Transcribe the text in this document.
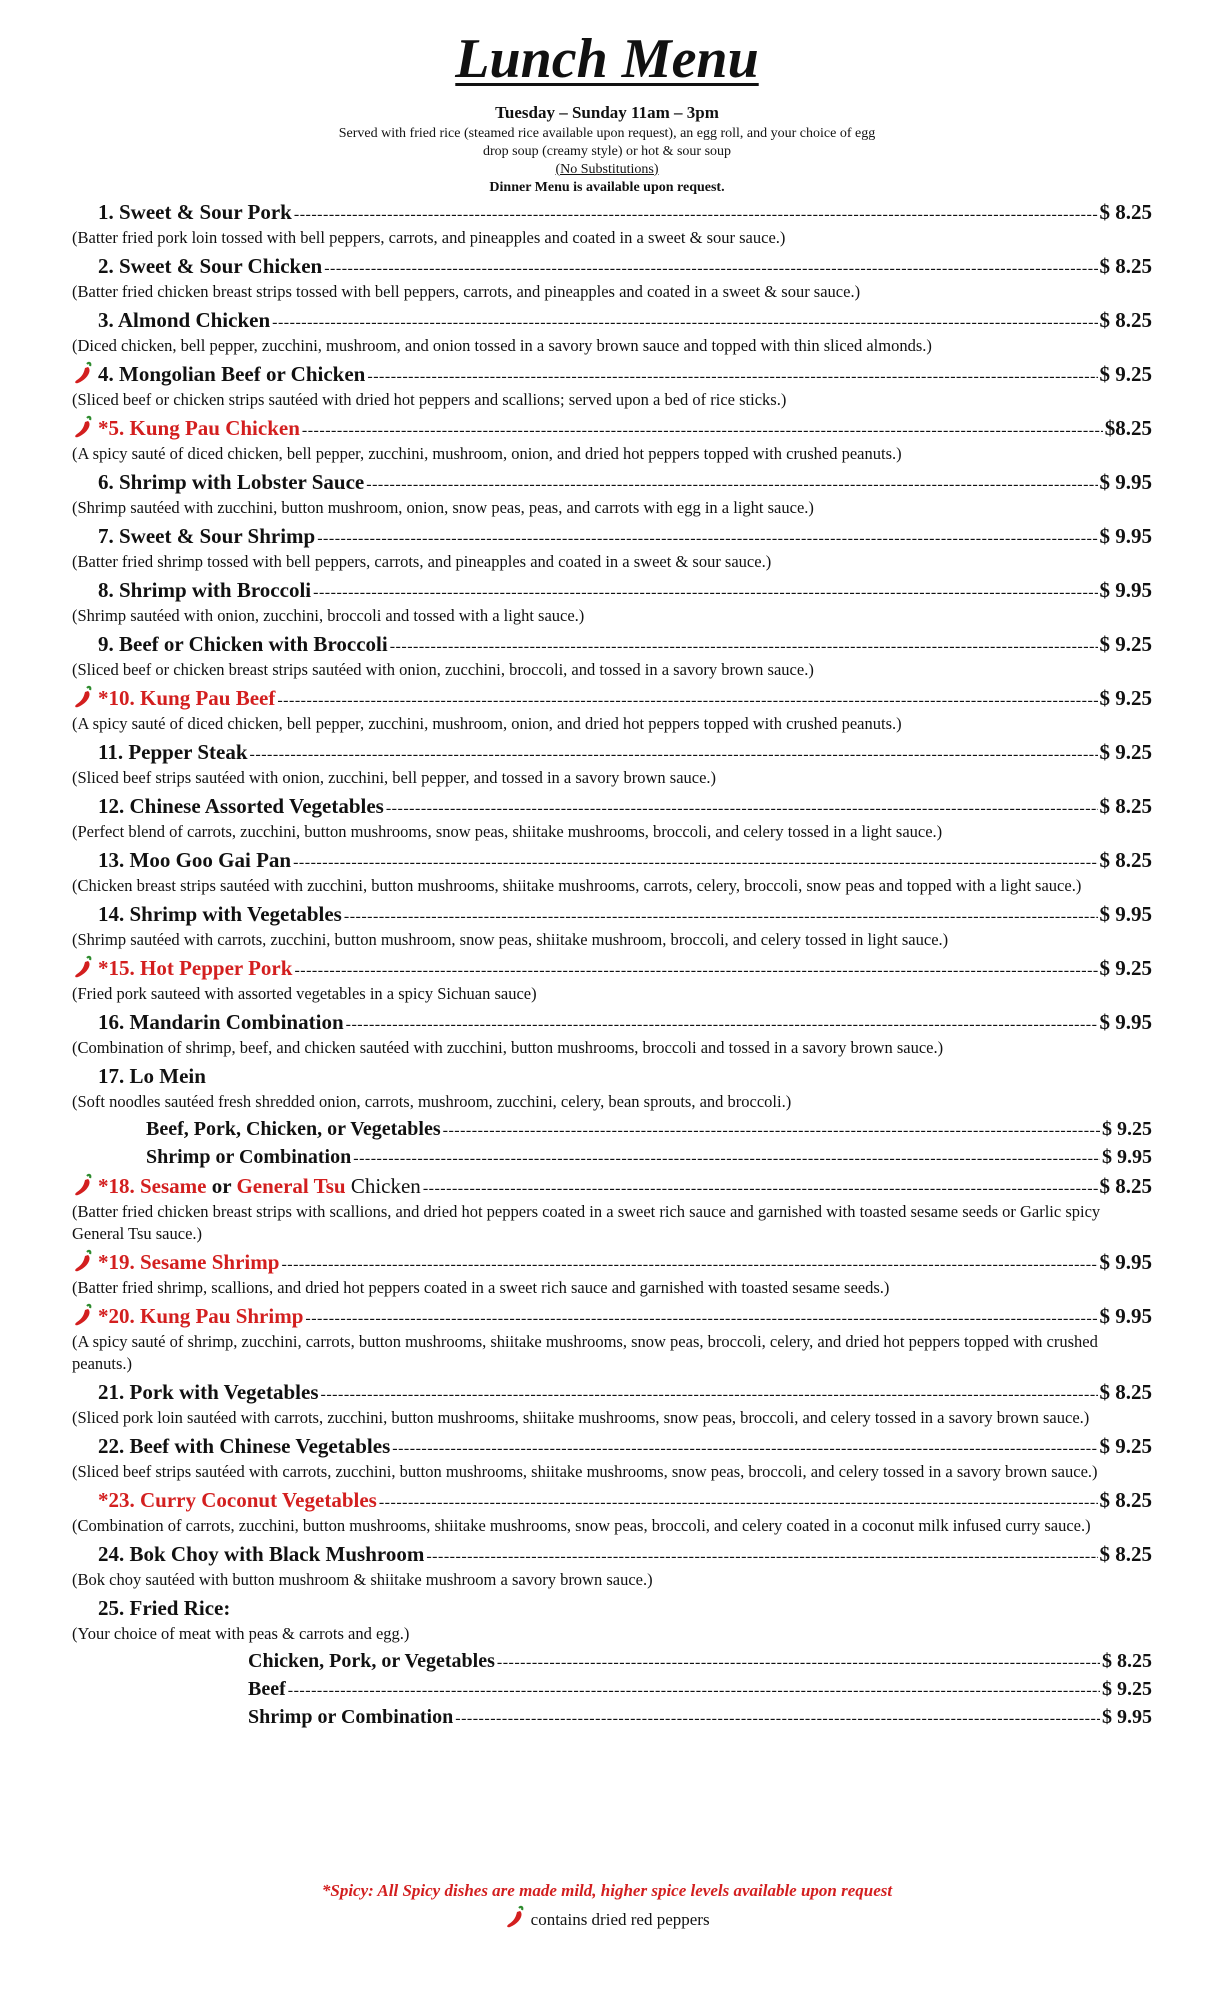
Lunch Menu
Tuesday – Sunday 11am – 3pm
Served with fried rice (steamed rice available upon request), an egg roll, and your choice of egg drop soup (creamy style) or hot & sour soup
(No Substitutions)
Dinner Menu is available upon request.
1. Sweet & Sour Pork -----	$ 8.25
(Batter fried pork loin tossed with bell peppers, carrots, and pineapples and coated in a sweet & sour sauce.)
2. Sweet & Sour Chicken -----	$ 8.25
(Batter fried chicken breast strips tossed with bell peppers, carrots, and pineapples and coated in a sweet & sour sauce.)
3. Almond Chicken -----	$ 8.25
(Diced chicken, bell pepper, zucchini, mushroom, and onion tossed in a savory brown sauce and topped with thin sliced almonds.)
4. Mongolian Beef or Chicken -----	$ 9.25
(Sliced beef or chicken strips sautéed with dried hot peppers and scallions; served upon a bed of rice sticks.)
*5. Kung Pau Chicken -----	$8.25
(A spicy sauté of diced chicken, bell pepper, zucchini, mushroom, onion, and dried hot peppers topped with crushed peanuts.)
6. Shrimp with Lobster Sauce -----	$ 9.95
(Shrimp sautéed with zucchini, button mushroom, onion, snow peas, peas, and carrots with egg in a light sauce.)
7. Sweet & Sour Shrimp -----	$ 9.95
(Batter fried shrimp tossed with bell peppers, carrots, and pineapples and coated in a sweet & sour sauce.)
8. Shrimp with Broccoli -----	$ 9.95
(Shrimp sautéed with onion, zucchini, broccoli and tossed with a light sauce.)
9. Beef or Chicken with Broccoli -----	$ 9.25
(Sliced beef or chicken breast strips sautéed with onion, zucchini, broccoli, and tossed in a savory brown sauce.)
*10. Kung Pau Beef -----	$ 9.25
(A spicy sauté of diced chicken, bell pepper, zucchini, mushroom, onion, and dried hot peppers topped with crushed peanuts.)
11. Pepper Steak -----	$ 9.25
(Sliced beef strips sautéed with onion, zucchini, bell pepper, and tossed in a savory brown sauce.)
12. Chinese Assorted Vegetables -----	$ 8.25
(Perfect blend of carrots, zucchini, button mushrooms, snow peas, shiitake mushrooms, broccoli, and celery tossed in a light sauce.)
13. Moo Goo Gai Pan -----	$ 8.25
(Chicken breast strips sautéed with zucchini, button mushrooms, shiitake mushrooms, carrots, celery, broccoli, snow peas and topped with a light sauce.)
14. Shrimp with Vegetables -----	$ 9.95
(Shrimp sautéed with carrots, zucchini, button mushroom, snow peas, shiitake mushroom, broccoli, and celery tossed in light sauce.)
*15. Hot Pepper Pork -----	$ 9.25
(Fried pork sauteed with assorted vegetables in a spicy Sichuan sauce)
16. Mandarin Combination -----	$ 9.95
(Combination of shrimp, beef, and chicken sautéed with zucchini, button mushrooms, broccoli and tossed in a savory brown sauce.)
17. Lo Mein
(Soft noodles sautéed fresh shredded onion, carrots, mushroom, zucchini, celery, bean sprouts, and broccoli.)
Beef, Pork, Chicken, or Vegetables -----	$ 9.25
Shrimp or Combination -----	$ 9.95
*18. Sesame or General Tsu Chicken -----	$ 8.25
(Batter fried chicken breast strips with scallions, and dried hot peppers coated in a sweet rich sauce and garnished with toasted sesame seeds or Garlic spicy General Tsu sauce.)
*19. Sesame Shrimp -----	$ 9.95
(Batter fried shrimp, scallions, and dried hot peppers coated in a sweet rich sauce and garnished with toasted sesame seeds.)
*20. Kung Pau Shrimp -----	$ 9.95
(A spicy sauté of shrimp, zucchini, carrots, button mushrooms, shiitake mushrooms, snow peas, broccoli, celery, and dried hot peppers topped with crushed peanuts.)
21. Pork with Vegetables -----	$ 8.25
(Sliced pork loin sautéed with carrots, zucchini, button mushrooms, shiitake mushrooms, snow peas, broccoli, and celery tossed in a savory brown sauce.)
22. Beef with Chinese Vegetables -----	$ 9.25
(Sliced beef strips sautéed with carrots, zucchini, button mushrooms, shiitake mushrooms, snow peas, broccoli, and celery tossed in a savory brown sauce.)
*23. Curry Coconut Vegetables -----	$ 8.25
(Combination of carrots, zucchini, button mushrooms, shiitake mushrooms, snow peas, broccoli, and celery coated in a coconut milk infused curry sauce.)
24. Bok Choy with Black Mushroom -----	$ 8.25
(Bok choy sautéed with button mushroom & shiitake mushroom a savory brown sauce.)
25. Fried Rice:
(Your choice of meat with peas & carrots and egg.)
Chicken, Pork, or Vegetables -----	$ 8.25
Beef -----	$ 9.25
Shrimp or Combination -----	$ 9.95
*Spicy: All Spicy dishes are made mild, higher spice levels available upon request
contains dried red peppers
